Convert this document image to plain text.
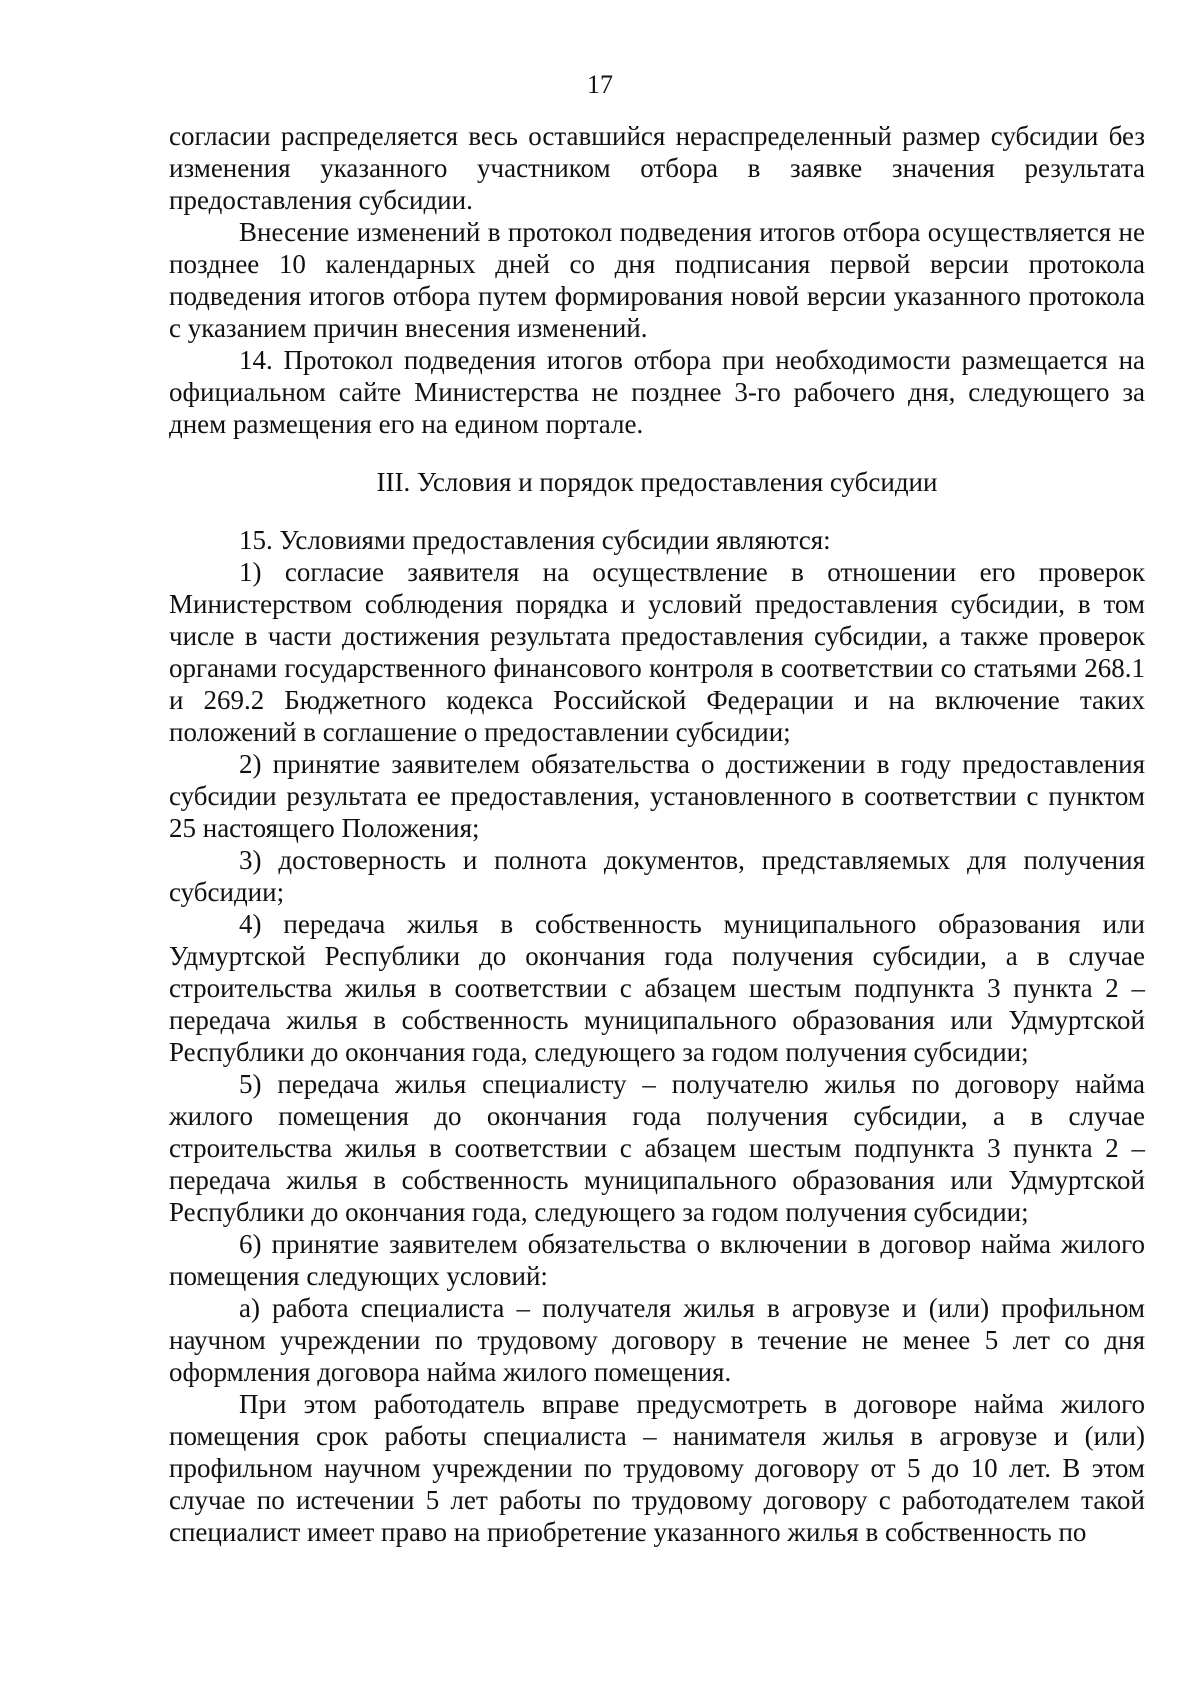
17

согласии распределяется весь оставшийся нераспределенный размер субсидии без изменения указанного участником отбора в заявке значения результата предоставления субсидии.

Внесение изменений в протокол подведения итогов отбора осуществляется не позднее 10 календарных дней со дня подписания первой версии протокола подведения итогов отбора путем формирования новой версии указанного протокола с указанием причин внесения изменений.

14. Протокол подведения итогов отбора при необходимости размещается на официальном сайте Министерства не позднее 3-го рабочего дня, следующего за днем размещения его на едином портале.

III. Условия и порядок предоставления субсидии

15. Условиями предоставления субсидии являются:

1) согласие заявителя на осуществление в отношении его проверок Министерством соблюдения порядка и условий предоставления субсидии, в том числе в части достижения результата предоставления субсидии, а также проверок органами государственного финансового контроля в соответствии со статьями 268.1 и 269.2 Бюджетного кодекса Российской Федерации и на включение таких положений в соглашение о предоставлении субсидии;

2) принятие заявителем обязательства о достижении в году предоставления субсидии результата ее предоставления, установленного в соответствии с пунктом 25 настоящего Положения;

3) достоверность и полнота документов, представляемых для получения субсидии;

4) передача жилья в собственность муниципального образования или Удмуртской Республики до окончания года получения субсидии, а в случае строительства жилья в соответствии с абзацем шестым подпункта 3 пункта 2 – передача жилья в собственность муниципального образования или Удмуртской Республики до окончания года, следующего за годом получения субсидии;

5) передача жилья специалисту – получателю жилья по договору найма жилого помещения до окончания года получения субсидии, а в случае строительства жилья в соответствии с абзацем шестым подпункта 3 пункта 2 – передача жилья в собственность муниципального образования или Удмуртской Республики до окончания года, следующего за годом получения субсидии;

6) принятие заявителем обязательства о включении в договор найма жилого помещения следующих условий:

а) работа специалиста – получателя жилья в агровузе и (или) профильном научном учреждении по трудовому договору в течение не менее 5 лет со дня оформления договора найма жилого помещения.

При этом работодатель вправе предусмотреть в договоре найма жилого помещения срок работы специалиста – нанимателя жилья в агровузе и (или) профильном научном учреждении по трудовому договору от 5 до 10 лет. В этом случае по истечении 5 лет работы по трудовому договору с работодателем такой специалист имеет право на приобретение указанного жилья в собственность по
